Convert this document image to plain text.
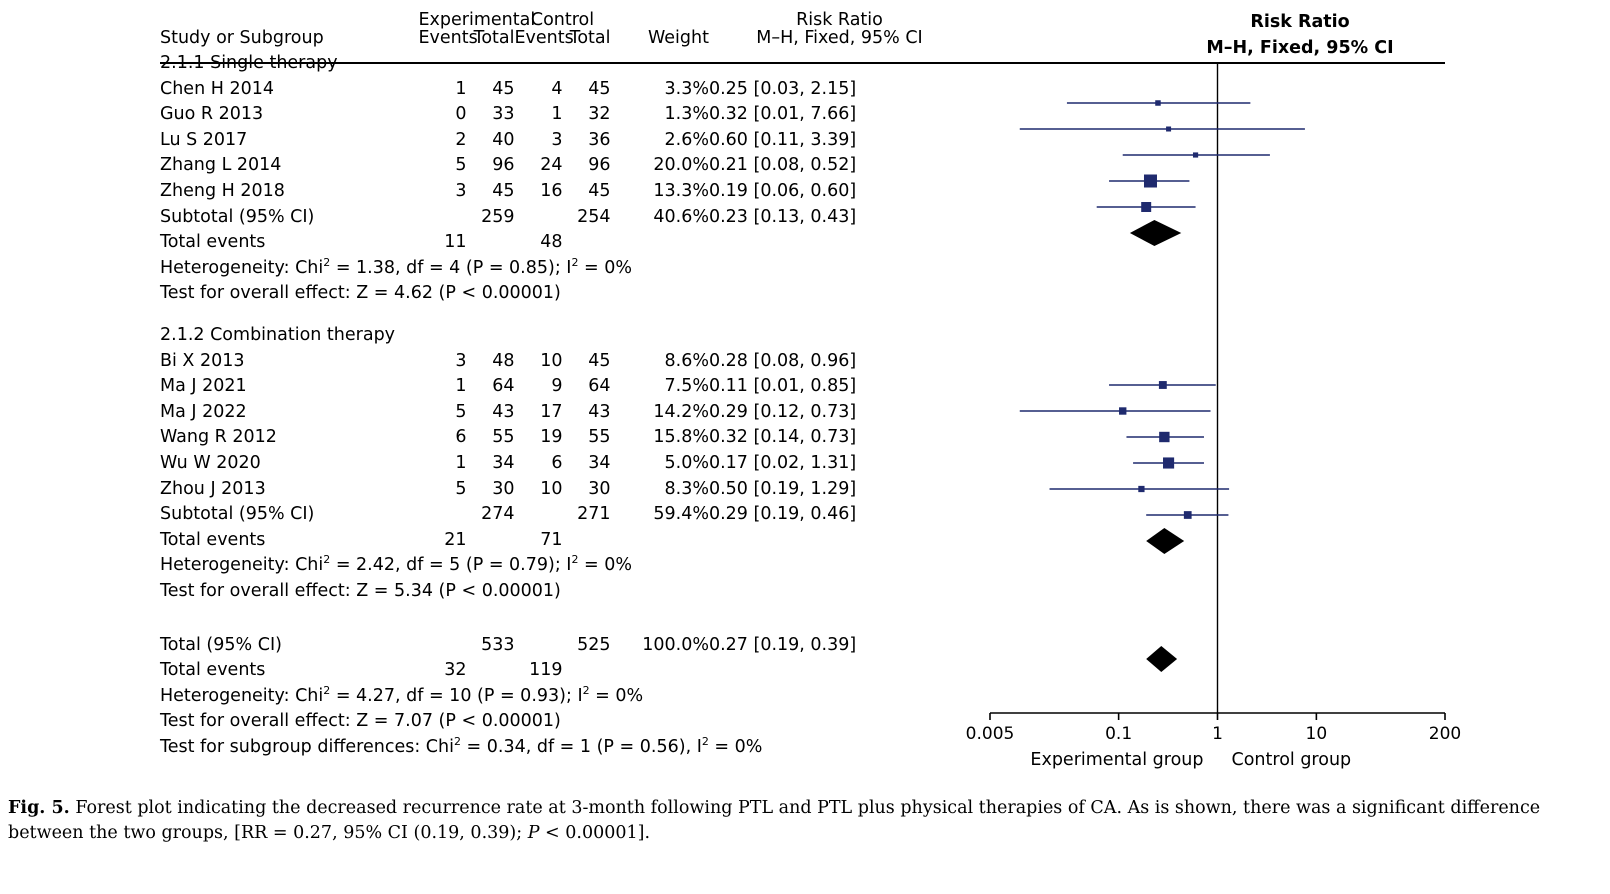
0.005	0.1	1	10	200
Experimental group Control group
	Experimental		Control			Risk Ratio
Study or Subgroup	Events	Total	Events	Total	Weight	M–H, Fixed, 95% CI
2.1.1 Single therapy						
Chen H 2014	1	45	4	45	3.3%	0.25 [0.03, 2.15]
Guo R 2013	0	33	1	32	1.3%	0.32 [0.01, 7.66]
Lu S 2017	2	40	3	36	2.6%	0.60 [0.11, 3.39]
Zhang L 2014	5	96	24	96	20.0%	0.21 [0.08, 0.52]
Zheng H 2018	3	45	16	45	13.3%	0.19 [0.06, 0.60]
Subtotal (95% CI)		259		254	40.6%	0.23 [0.13, 0.43]
Total events	11		48			
Heterogeneity: Chi$^2$ = 1.38, df = 4 (P = 0.85); $I^2 = 0\%$						
Test for overall effect: Z = 4.62 (P < 0.00001)						

2.1.2 Combination therapy						
Bi X 2013	3	48	10	45	8.6%	0.28 [0.08, 0.96]
Ma J 2021	1	64	9	64	7.5%	0.11 [0.01, 0.85]
Ma J 2022	5	43	17	43	14.2%	0.29 [0.12, 0.73]
Wang R 2012	6	55	19	55	15.8%	0.32 [0.14, 0.73]
Wu W 2020	1	34	6	34	5.0%	0.17 [0.02, 1.31]
Zhou J 2013	5	30	10	30	8.3%	0.50 [0.19, 1.29]
Subtotal (95% CI)		274		271	59.4%	0.29 [0.19, 0.46]
Total events	21		71			
Heterogeneity: Chi$^2$ = 2.42, df = 5 (P = 0.79); $I^2 = 0\%$						
Test for overall effect: Z = 5.34 (P < 0.00001)						

Total (95% CI)		533		525	100.0%	0.27 [0.19, 0.39]
Total events	32		119			
Heterogeneity: Chi$^2$ = 4.27, df = 10 (P = 0.93); $I^2 = 0\%$						
Test for overall effect: Z = 7.07 (P < 0.00001)						
Test for subgroup differences: Chi$^2$ = 0.34, df = 1 (P = 0.56), $I^2 = 0\%$						
Risk Ratio
M–H, Fixed, 95% CI
Fig. 5. Forest plot indicating the decreased recurrence rate at 3-month following PTL and PTL plus physical therapies of CA. As is shown, there was a significant difference between the two groups, [RR = 0.27, 95% CI (0.19, 0.39); P < 0.00001].
